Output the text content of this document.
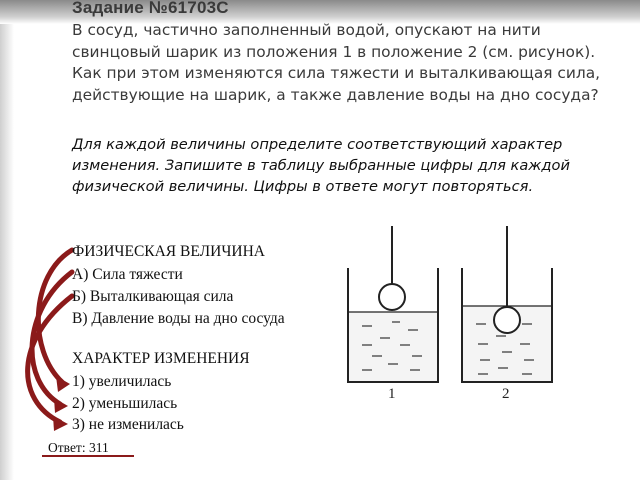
Задание №61703С
В сосуд, частично заполненный водой, опускают на нити свинцовый шарик из положения 1 в положение 2 (см. рисунок). Как при этом изменяются сила тяжести и выталкивающая сила, действующие на шарик, а также давление воды на дно сосуда?
Для каждой величины определите соответствующий характер изменения. Запишите в таблицу выбранные цифры для каждой физической величины. Цифры в ответе могут повторяться.
1	2
ФИЗИЧЕСКАЯ ВЕЛИЧИНА
А) Сила тяжести
Б) Выталкивающая сила
В) Давление воды на дно сосуда
ХАРАКТЕР ИЗМЕНЕНИЯ
1) увеличилась
2) уменьшилась
3) не изменилась
Ответ: 311
